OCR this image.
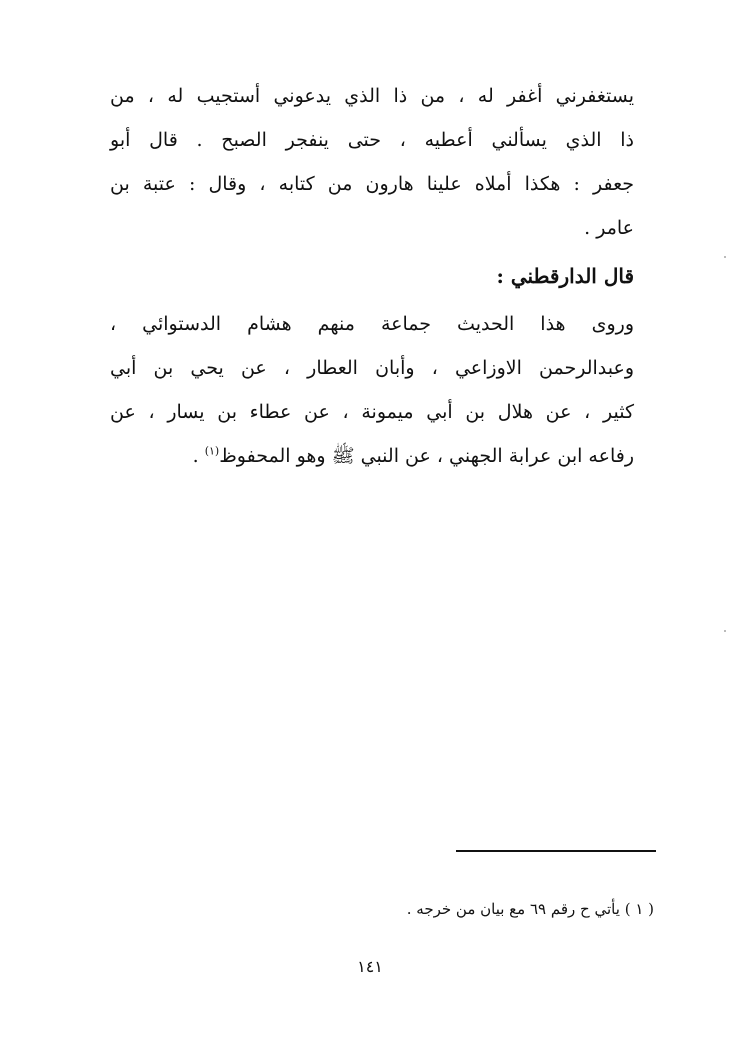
يستغفرني أغفر له ، من ذا الذي يدعوني أستجيب له ، من
ذا الذي يسألني أعطيه ، حتى ينفجر الصبح . قال أبو
جعفر : هكذا أملاه علينا هارون من كتابه ، وقال : عتبة بن
عامر .
قال الدارقطني :
وروى هذا الحديث جماعة منهم هشام الدستوائي ،
وعبدالرحمن الاوزاعي ، وأبان العطار ، عن يحي بن أبي
كثير ، عن هلال بن أبي ميمونة ، عن عطاء بن يسار ، عن
رفاعه ابن عرابة الجهني ، عن النبي ﷺ وهو المحفوظ$^{(١)}$ .
( ١ ) يأتي ح رقم ٦٩ مع بيان من خرجه .
١٤١
